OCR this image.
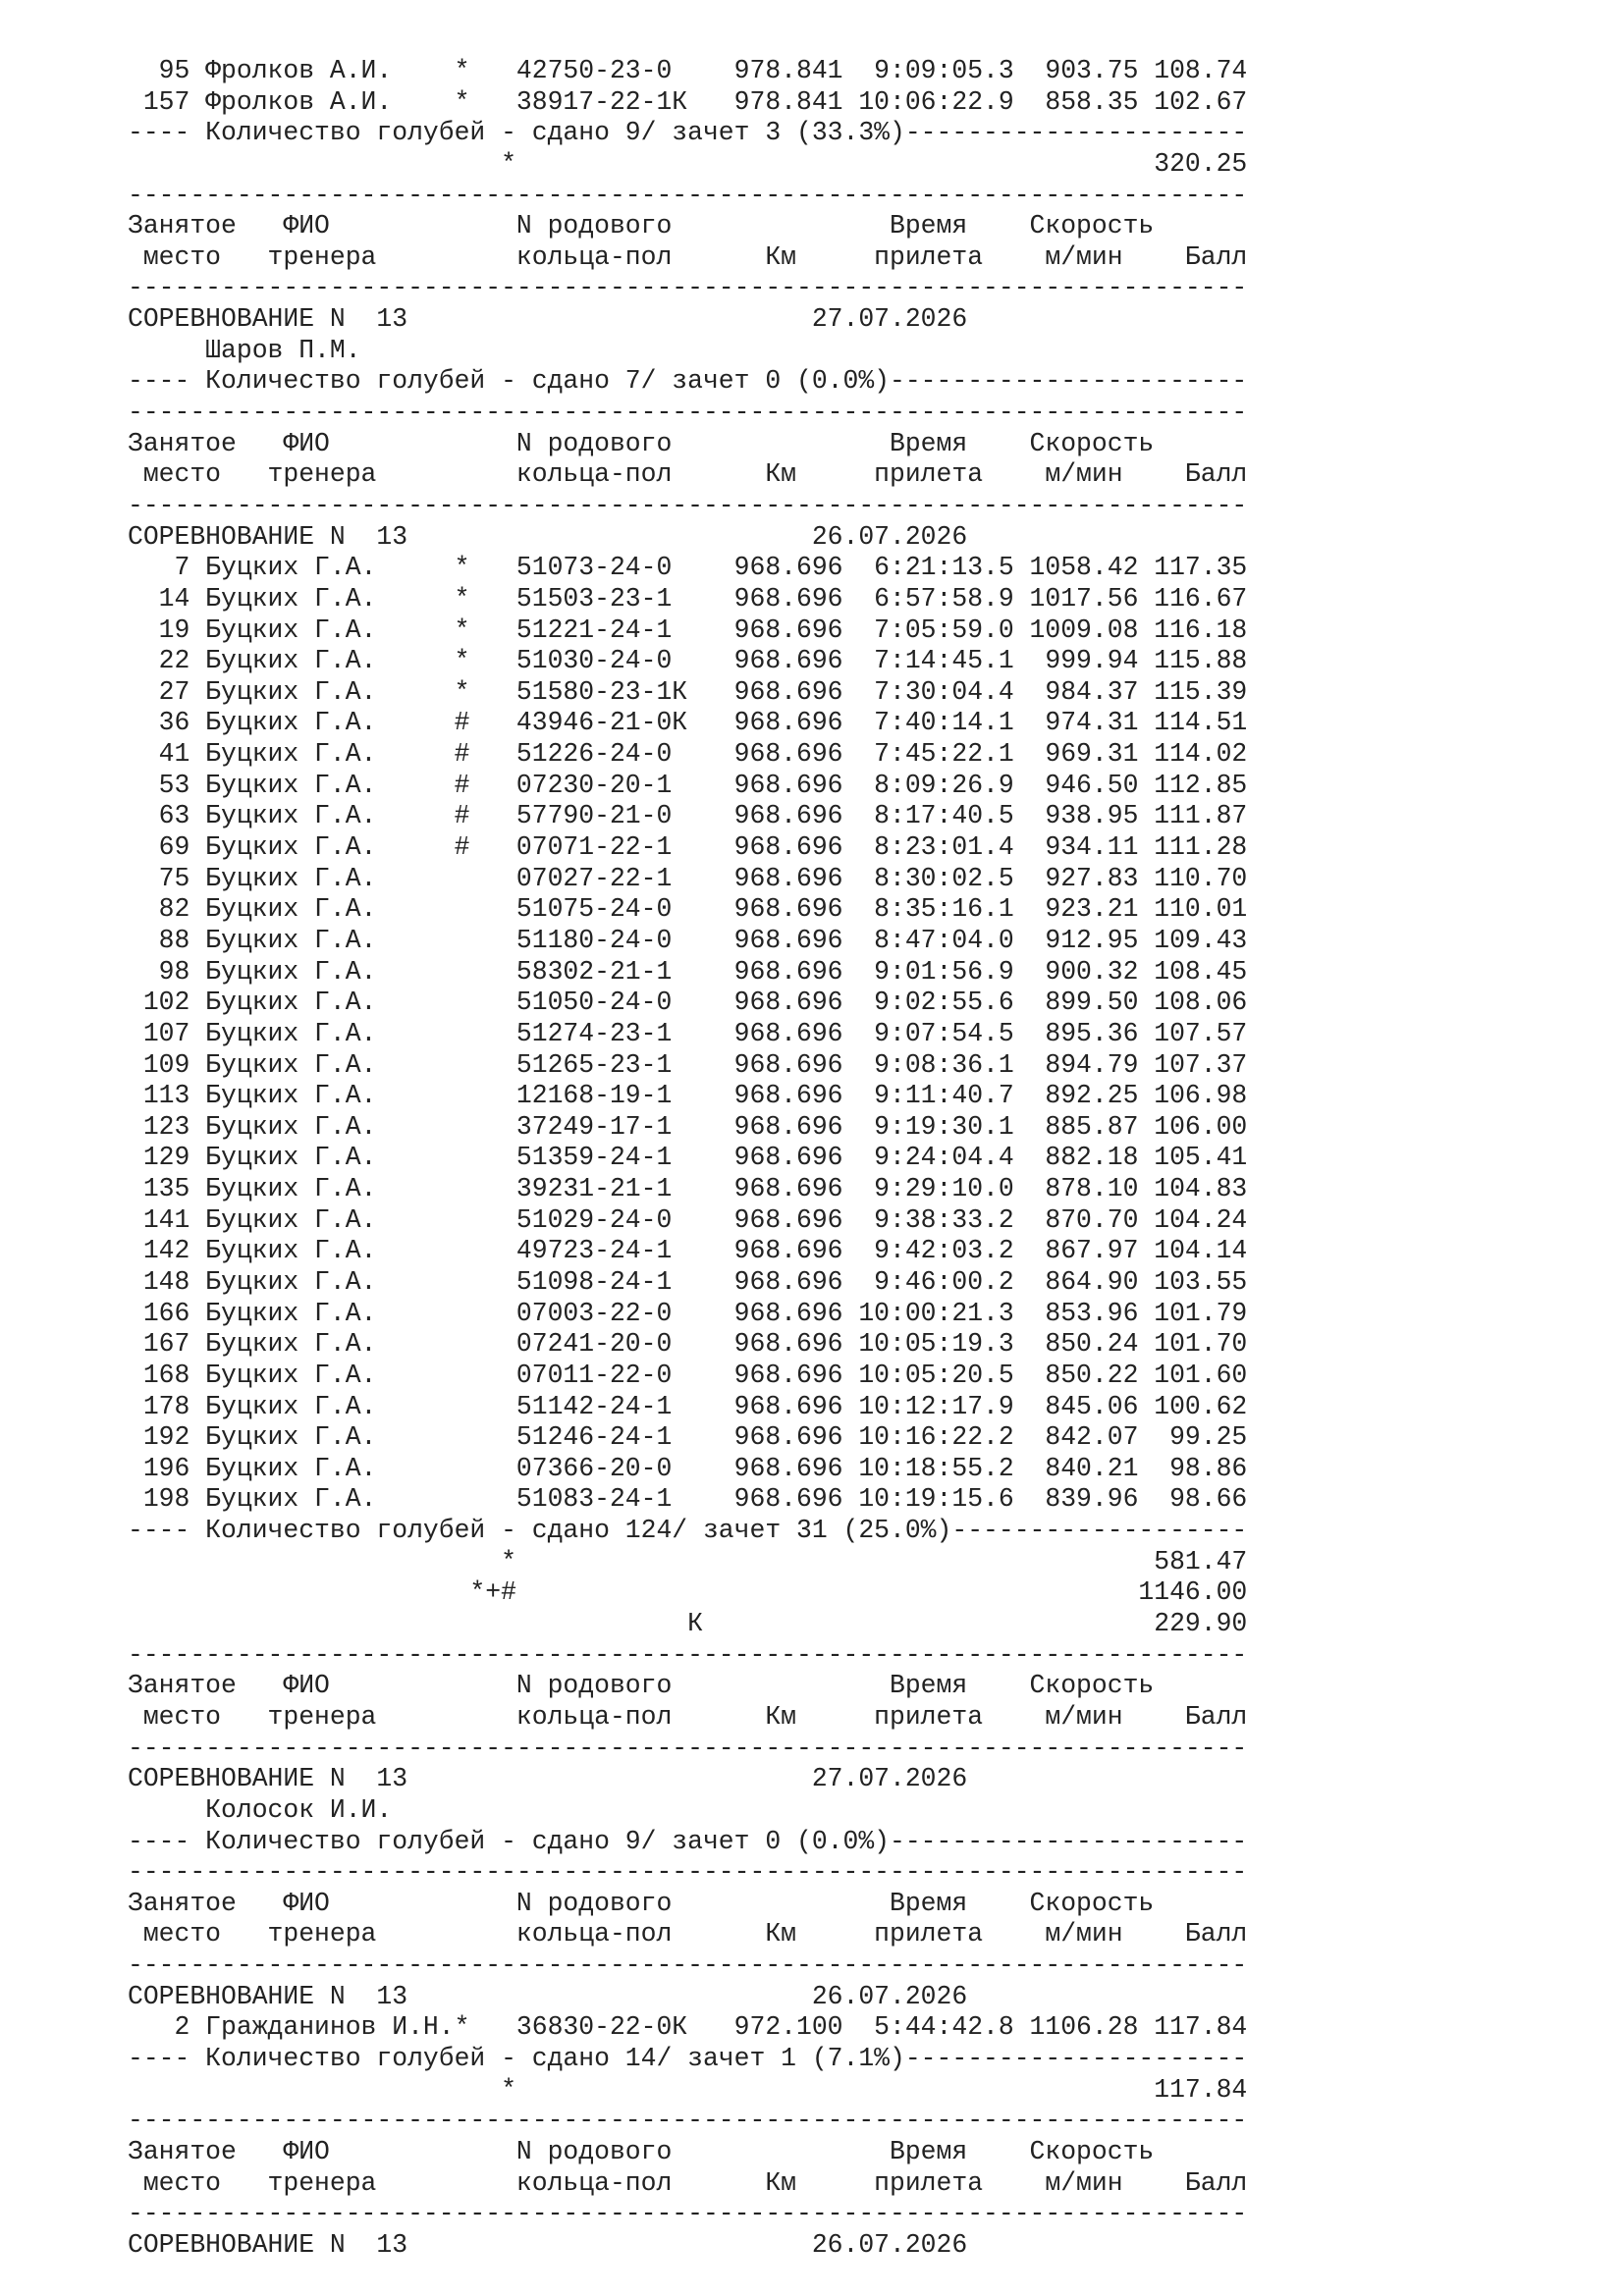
95 Фролков А.И.    *   42750-23-0    978.841  9:09:05.3  903.75 108.74
157 Фролков А.И.    *   38917-22-1К   978.841 10:06:22.9  858.35 102.67
---- Количество голубей - сдано 9/ зачет 3 (33.3%)----------------------
*                                         320.25
------------------------------------------------------------------------
Занятое   ФИО            N родового              Время    Скорость
место   тренера         кольца-пол      Км     прилета    м/мин    Балл
------------------------------------------------------------------------
СОРЕВНОВАНИЕ N  13                          27.07.2026
Шаров П.М.
---- Количество голубей - сдано 7/ зачет 0 (0.0%)-----------------------
------------------------------------------------------------------------
Занятое   ФИО            N родового              Время    Скорость
место   тренера         кольца-пол      Км     прилета    м/мин    Балл
------------------------------------------------------------------------
СОРЕВНОВАНИЕ N  13                          26.07.2026
7 Буцких Г.А.     *   51073-24-0    968.696  6:21:13.5 1058.42 117.35
14 Буцких Г.А.     *   51503-23-1    968.696  6:57:58.9 1017.56 116.67
19 Буцких Г.А.     *   51221-24-1    968.696  7:05:59.0 1009.08 116.18
22 Буцких Г.А.     *   51030-24-0    968.696  7:14:45.1  999.94 115.88
27 Буцких Г.А.     *   51580-23-1К   968.696  7:30:04.4  984.37 115.39
36 Буцких Г.А.     #   43946-21-0К   968.696  7:40:14.1  974.31 114.51
41 Буцких Г.А.     #   51226-24-0    968.696  7:45:22.1  969.31 114.02
53 Буцких Г.А.     #   07230-20-1    968.696  8:09:26.9  946.50 112.85
63 Буцких Г.А.     #   57790-21-0    968.696  8:17:40.5  938.95 111.87
69 Буцких Г.А.     #   07071-22-1    968.696  8:23:01.4  934.11 111.28
75 Буцких Г.А.         07027-22-1    968.696  8:30:02.5  927.83 110.70
82 Буцких Г.А.         51075-24-0    968.696  8:35:16.1  923.21 110.01
88 Буцких Г.А.         51180-24-0    968.696  8:47:04.0  912.95 109.43
98 Буцких Г.А.         58302-21-1    968.696  9:01:56.9  900.32 108.45
102 Буцких Г.А.         51050-24-0    968.696  9:02:55.6  899.50 108.06
107 Буцких Г.А.         51274-23-1    968.696  9:07:54.5  895.36 107.57
109 Буцких Г.А.         51265-23-1    968.696  9:08:36.1  894.79 107.37
113 Буцких Г.А.         12168-19-1    968.696  9:11:40.7  892.25 106.98
123 Буцких Г.А.         37249-17-1    968.696  9:19:30.1  885.87 106.00
129 Буцких Г.А.         51359-24-1    968.696  9:24:04.4  882.18 105.41
135 Буцких Г.А.         39231-21-1    968.696  9:29:10.0  878.10 104.83
141 Буцких Г.А.         51029-24-0    968.696  9:38:33.2  870.70 104.24
142 Буцких Г.А.         49723-24-1    968.696  9:42:03.2  867.97 104.14
148 Буцких Г.А.         51098-24-1    968.696  9:46:00.2  864.90 103.55
166 Буцких Г.А.         07003-22-0    968.696 10:00:21.3  853.96 101.79
167 Буцких Г.А.         07241-20-0    968.696 10:05:19.3  850.24 101.70
168 Буцких Г.А.         07011-22-0    968.696 10:05:20.5  850.22 101.60
178 Буцких Г.А.         51142-24-1    968.696 10:12:17.9  845.06 100.62
192 Буцких Г.А.         51246-24-1    968.696 10:16:22.2  842.07  99.25
196 Буцких Г.А.         07366-20-0    968.696 10:18:55.2  840.21  98.86
198 Буцких Г.А.         51083-24-1    968.696 10:19:15.6  839.96  98.66
---- Количество голубей - сдано 124/ зачет 31 (25.0%)-------------------
*                                         581.47
*+#                                        1146.00
К                             229.90
------------------------------------------------------------------------
Занятое   ФИО            N родового              Время    Скорость
место   тренера         кольца-пол      Км     прилета    м/мин    Балл
------------------------------------------------------------------------
СОРЕВНОВАНИЕ N  13                          27.07.2026
Колосок И.И.
---- Количество голубей - сдано 9/ зачет 0 (0.0%)-----------------------
------------------------------------------------------------------------
Занятое   ФИО            N родового              Время    Скорость
место   тренера         кольца-пол      Км     прилета    м/мин    Балл
------------------------------------------------------------------------
СОРЕВНОВАНИЕ N  13                          26.07.2026
2 Гражданинов И.Н.*   36830-22-0К   972.100  5:44:42.8 1106.28 117.84
---- Количество голубей - сдано 14/ зачет 1 (7.1%)----------------------
*                                         117.84
------------------------------------------------------------------------
Занятое   ФИО            N родового              Время    Скорость
место   тренера         кольца-пол      Км     прилета    м/мин    Балл
------------------------------------------------------------------------
СОРЕВНОВАНИЕ N  13                          26.07.2026
